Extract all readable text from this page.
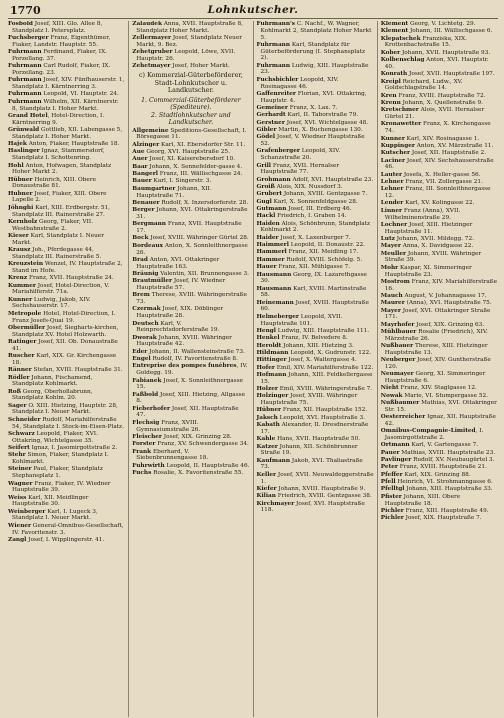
1770	Lohnkutscher.
Fosbold Josef, XIII. Glo. Allee 8, Standplatz I. Petersplatz.
Fuchsberger Franz, Eigenthümer, Fiaker, Landstr. Hauptstr. 55.
Fuhrmann Ferdinand, Fiaker, IX. Porzellang. 37.
Fuhrmann Carl Rudolf, Fiaker, IX. Porzellang. 23.
Fuhrmann Josef, XIV. Fünfhauserstr. 1, Standplatz I. Kärntnerring 3.
Fuhrmann Leopold, VI. Hauptstr. 24.
Fuhrmann Wilhelm, XII. Kärntnerstr. 8, Standplatz I. Hoher Markt.
Grand Hotel, Hotel-Direction, I. Kärntnerring 9.
Grünwald Gottlieb, XII. Labengasse 5, Standplatz I. Hoher Markt.
Hajek Anton, Fiaker, Hauptstraße 18.
Haslinger Ignaz, Stammersdorf, Standplatz I. Schottenring.
Hohl Anton, Hofwagen, Standplatz Hoher Markt 2.
Hübner Heinrich, XIII. Obere Donaustraße 81.
Hubner Josef, Fiaker, XIII. Obere Lapelle 2.
Jöhnghi Karl, XIII. Erdbergstr. 51, Standplatz III. Rainerstraße 27.
Kernholz Georg, Fiaker, VII. Westbahnstraße 2.
Kieser Karl, Standplatz I. Neuer Markt.
Krausz Joh., Pferdegasse 44, Standplatz III. Rainerstraße 5.
Kreuzstein Wenzel, IV. Hauptstraße 2, Stand im Hofe.
Krenz Franz, XVII. Hauptstraße 24.
Kummer Josef, Hotel-Direction, V. Mariahilferstr. 71a.
Kunner Ludwig, Jakob, XIV. Sechshauserstr. 17.
Metropole Hotel, Hotel-Direction, I. Franz Josefs-Quai 19.
Obermüller Josef, Siegharts-kirchen, Standplatz XV. Hotel Holzwarth.
Ratinger Josef, XII. Ob. Donaustraße 41.
Ruscher Karl, XIX. Gr. Kirchengasse 18.
Ränner Stefan, XVIII. Hauptstraße 31.
Rödler Johann, Fischamend, Standplatz Kohlmarkt.
Roß Georg, Oberhollabrunn, Standplatz Kohlm. 20.
Sager O. XIII. Hietzing, Hauptstr. 28, Standplatz I. Neuer Markt.
Schneider Rudolf, Mariahilferstraße 54, Standplatz I. Stock-im-Eisen-Platz.
Schwarz Leopold, Fiaker, XVI. Ottakring, Wichtelgasse 35.
Seifert Ignaz, I. Jasomirgottstraße 2.
Stehr Simon, Fiaker, Standplatz I. Kohlmarkt.
Steiner Paul, Fiaker, Standplatz Stephansplatz 1.
Wagner Franz, Fiaker, IV. Wiedner Hauptstraße 39.
Weiss Karl, XII. Meidlinger Hauptstraße 30.
Weinberger Karl, I. Lugeck 3, Standplatz I. Neuer Markt.
Wiener General-Omnibus-Gesellschaft, IV. Favoritenstr. 3.
Zangl Josef, I. Wipplingerstr. 41.
Zalaudek Anna, XVII. Hauptstraße 8, Standplatz Hoher Markt.
Zellermayer Josef, Standplatz Neuer Markt, 9. Bez.
Zehetgruber Leopold, Löwe, XVII. Hauptstr. 26.
Zehetmayer Josef, Hoher Markt.
c) Kommerzial-Güterbeförderer, Stadt-Lohnkutscher u. Landkutscher.
1. Commerzial-Güterbeförderer (Spediteure).
2. Stadtlohnkutscher und Landkutscher.
Allgemeine Speditions-Gesellschaft, I. Börsegasse 11.
Alzinger Karl, XI. Ebersdorfer Str. 11.
Aue Georg, XVI. Hauptstraße 25.
Auer Josef, XI. Kaiserebersdorf 10.
Baar Johann, X. Sennefelder-gasse 4.
Bangerl Franz, III. Wällischgasse 24.
Bauer Karl, I. Singerstr. 3.
Baumgartner Johann, XII. Hauptstraße 71.
Benauer Rudolf, X. Inzersdorferstr. 28.
Berger Johann, XVI. Ottakringerstraße 31.
Bergmann Franz, XVII. Hauptstraße 17.
Bock Josef, XVIII. Währinger Gürtel 28.
Bordeaux Anton, X. Sonnleithnergasse 26.
Brad Anton, XVI. Ottakringer Hauptstraße 163.
Bräunig Valentin, XII. Brunnengasse 3.
Brautmüller Josef, IV. Wiedner Hauptstraße 57.
Brem Therese, XVIII. Währingerstraße 73.
Czermak Josef, XIX. Döblinger Hauptstraße 28.
Deutsch Karl, V. Reinprechtsdorferstraße 19.
Dworak Johann, XVIII. Währinger Hauptstraße 42.
Eder Johann, II. Wallensteinstraße 73.
Engel Rudolf, IV. Favoritenstraße 8.
Entreprise des pompes funèbres, IV. Goldegg. 19.
Fabianek Josef, X. Sonnleithnergasse 15.
Faßbold Josef, XIII. Hietzing, Allgasse 8.
Fieberhofer Josef, XII. Hauptstraße 47.
Flechsig Franz, XVIII. Gymnasiumstraße 26.
Fleischer Josef, XIX. Grinzing 28.
Forster Franz, XV. Schwendergasse 34.
Frank Eberhard, V. Siebenbrunnengasse 18.
Fuhrwirth Leopold, II. Hauptstraße 46.
Fuchs Rosalie, X. Favoritenstraße 55.
Fuhrmann's C. Nachf., W. Wagner, Kohlmarkt 2, Standplatz Hoher Markt 5.
Fuhrmann Karl, Standplatz für Güterbeförderung (I. Stephansplatz 2).
Fuhrmann Ludwig, XIII. Hauptstraße 23.
Fuchsbichler Leopold, XIV. Rosinagasse 46.
Gaffenreiter Florian, XVI. Ottakring, Hauptstr. 4.
Gemeiner Franz, X. Lax. 7.
Gerhardt Karl, II. Taborstraße 79.
Gerstner Josef, XVI. Wichtelgasse 48.
Gibler Martin, X. Buchengasse 130.
Gödel Josef, V. Wiedner Hauptstraße 52.
Grafenberger Leopold, XIV. Schanzstraße 20.
Grill Franz, XVII. Hernalser Hauptstraße 77.
Grohmann Adolf, XVI. Hauptstraße 23.
Groiß Alois, XIX. Nussdorf 3.
Grubert Johann, XVIII. Gentzgasse 7.
Gugl Karl, X. Sonnenfeldgasse 28.
Gutmann Josef, III. Erdberg 46.
Hackl Friedrich, I. Graben 14.
Haiden Alois, Schönbrunn, Standplatz Kohlmarkt 2.
Haider Josef, X. Laxenburger 7.
Haimmerl Leopold, II. Donaustr. 22.
Hammerl Franz, XII. Meidling 17.
Hammer Rudolf, XVIII. Schöfelg. 5.
Hauer Franz, XII. Mühlgasse 7.
Hausmann Georg, IX. Lazarethgasse 30.
Hausmann Karl, XVIII. Martinstraße 58.
Heinemann Josef, XVIII. Hauptstraße 60.
Helmeberger Leopold, XVII. Hauptstraße 101.
Hengl Ludwig, XIII. Hauptstraße 111.
Henkel Franz, IV. Belvedere 8.
Heroldt Johann, XIII. Hietzing 3.
Hildmann Leopold, X. Gudrunstr. 122.
Hittinger Josef, X. Waltergasse 4.
Hofer Emil, XIV. Mariahilferstraße 122.
Hofmann Johann, XIII. Feldkellergasse 15.
Holzer Emil, XVIII. Währingerstraße 7.
Holzinger Josef, XVIII. Währinger Hauptstraße 75.
Hübner Franz, XII. Hauptstraße 152.
Jaksch Leopold, XVI. Hauptstraße 3.
Kabath Alexander, II. Dresdnerstraße 17.
Kahle Hans, XVII. Hauptstraße 50.
Katzer Johann, XII. Schönbrunner Straße 19.
Kaufmann Jakob, XVI. Thaliastraße 73.
Keller Josef, XVII. Neuwaldeggerstraße 1.
Kiefer Johann, XVIII. Hauptstraße 9.
Kilian Friedrich, XVIII. Gentzgasse 38.
Kirchmayer Josef, XVI. Hauptstraße 118.
Klement Georg, V. Lichtetg. 29.
Klement Johann, III. Wällischgasse 6.
Klepatschek Franziska, XIX. Krottenbachstraße 15.
Kober Johann, XVII. Hauptstraße 93.
Kolbenschlag Anton, XVI. Hauptstr. 40.
Konrath Josef, XVII. Hauptstraße 197.
Kreipl Reichard, Ludw., XV. Goldschlagstraße 14.
Kren Franz, XVIII. Hauptstraße 72.
Krenn Johann, X. Quellenstraße 9.
Kretschmer Alois, XVII. Hernalser Gürtel 21.
Kronawetter Franz, X. Kirchengasse 74.
Kunner Karl, XIV. Rosinagasse 1.
Kuppinger Anton, XV. Märzstraße 11.
Kutscher Josef, XII. Hauptstraße 2.
Laciner Josef, XIV. Sechshauserstraße 46.
Lauter Josefa, X. Heller-gasse 56.
Lehner Franz, VII. Zollergasse 21.
Lehner Franz, III. Sonnleithnergasse 12.
Lender Karl, XV. Kolingasse 22.
Linner Franz (Anna), XVII. Wilhelminenstraße 29.
Lochner Josef, XIII. Hietzinger Hauptstraße 11.
Lutz Johann, XVII. Mildegg. 72.
Mayer Anna, X. Davidgasse 22.
Meuller Johann, XVIII. Währinger Straße 39.
Mohr Kaspar, XI. Simmeringer Hauptstraße 23.
Mostrom Franz, XIV. Mariahilferstraße 16.
Mauch August, V. Johannagasse 17.
Maurer (Anna), XVI. Hauptstraße 75.
Mayer Josef, XVI. Ottakringer Straße 171.
Mayrhofer Josef, XIX. Grinzing 63.
Mühlbauer Rosalie (Friedrich), XIV. Märzstraße 26.
Nußbauer Therese, XIII. Hietzinger Hauptstraße 13.
Neuberger Josef, XIV. Guntherstraße 120.
Neumayer Georg, XI. Simmeringer Hauptstraße 6.
Nieht Franz, XIV. Staglgasse 12.
Nowak Marie, VI. Stumpergasse 52.
Nußbaumer Mathias, XVI. Ottakringer Str. 15.
Oesterreicher Ignaz, XII. Hauptstraße 42.
Omnibus-Compagnie-Limited, I. Jasomirgottstraße 2.
Ortmann Karl, V. Gartengasse 7.
Pauer Mathias, XVIII. Hauptstraße 23.
Pavlinger Rudolf, XV. Neubaugürtel 3.
Peter Franz, XVIII. Hauptstraße 21.
Pfeffer Karl, XIX. Grinzing 88.
Pfell Heinrich, VI. Strohmanngasse 6.
Pfelltgl Johann, XIII. Hauptstraße 33.
Pfister Johann, XIII. Obere Hauptstraße 18.
Pichler Franz, XIII. Hauptstraße 49.
Pichler Josef, XIX. Hauptstraße 7.
